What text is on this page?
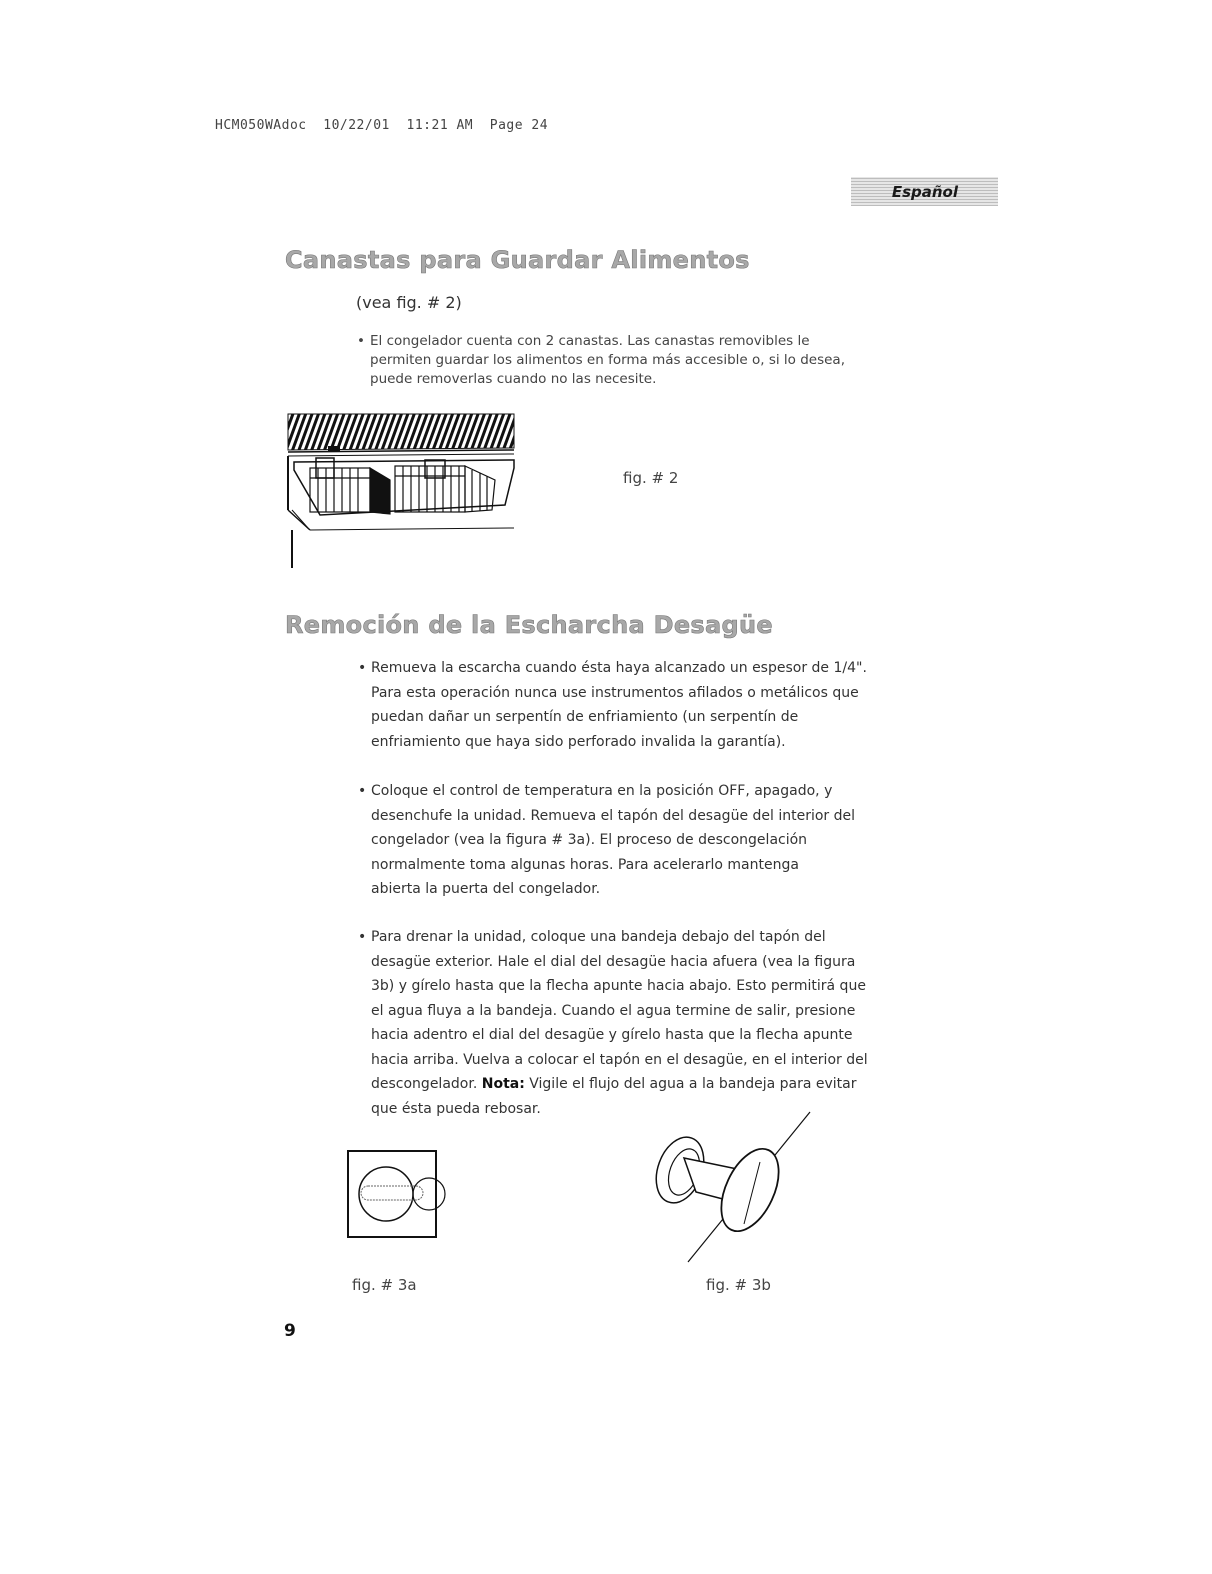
HCM050WAdoc  10/22/01  11:21 AM  Page 24
Español
Canastas para Guardar Alimentos
(vea fig. # 2)
• El congelador cuenta con 2 canastas. Las canastas removibles le
permiten guardar los alimentos en forma más accesible o, si lo desea,
puede removerlas cuando no las necesite.
fig. # 2
Remoción de la Escharcha Desagüe
• Remueva la escarcha cuando ésta haya alcanzado un espesor de 1/4".
Para esta operación nunca use instrumentos afilados o metálicos que
puedan dañar un serpentín de enfriamiento (un serpentín de
enfriamiento que haya sido perforado invalida la garantía).
• Coloque el control de temperatura en la posición OFF, apagado, y
desenchufe la unidad. Remueva el tapón del desagüe del interior del
congelador (vea la figura # 3a). El proceso de descongelación
normalmente toma algunas horas. Para acelerarlo mantenga
abierta la puerta del congelador.
• Para drenar la unidad, coloque una bandeja debajo del tapón del
desagüe exterior. Hale el dial del desagüe hacia afuera (vea la figura
3b) y gírelo hasta que la flecha apunte hacia abajo. Esto permitirá que
el agua fluya a la bandeja. Cuando el agua termine de salir, presione
hacia adentro el dial del desagüe y gírelo hasta que la flecha apunte
hacia arriba. Vuelva a colocar el tapón en el desagüe, en el interior del
descongelador. Nota: Vigile el flujo del agua a la bandeja para evitar
que ésta pueda rebosar.
fig. # 3a	fig. # 3b
9
